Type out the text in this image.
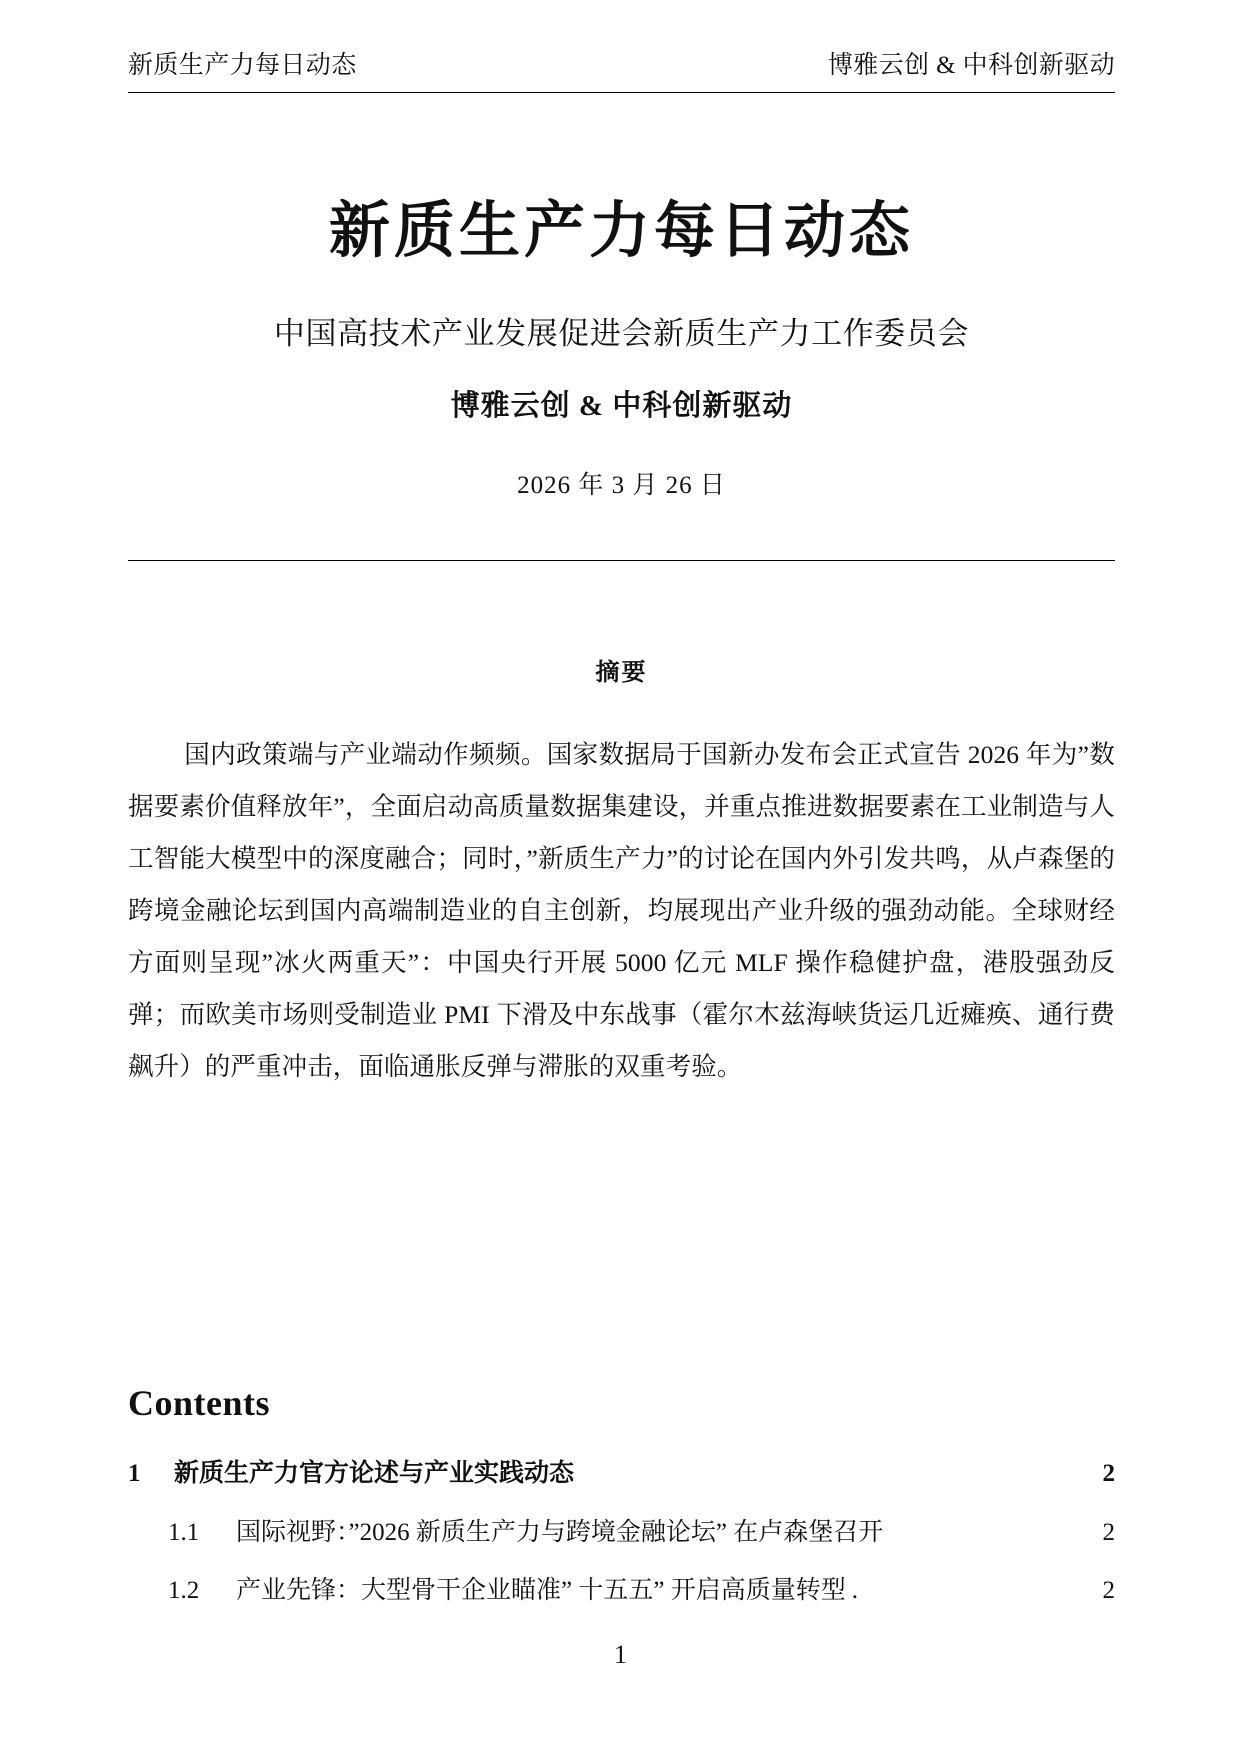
新质生产力每日动态	博雅云创 & 中科创新驱动
新质生产力每日动态

中国高技术产业发展促进会新质生产力工作委员会

博雅云创 & 中科创新驱动

2026 年 3 月 26 日

摘要
国内政策端与产业端动作频频。国家数据局于国新办发布会正式宣告 2026 年为”数据要素价值释放年”，全面启动高质量数据集建设，并重点推进数据要素在工业制造与人工智能大模型中的深度融合；同时，”新质生产力”的讨论在国内外引发共鸣，从卢森堡的跨境金融论坛到国内高端制造业的自主创新，均展现出产业升级的强劲动能。全球财经方面则呈现”冰火两重天”：中国央行开展 5000 亿元 MLF 操作稳健护盘，港股强劲反弹；而欧美市场则受制造业 PMI 下滑及中东战事（霍尔木兹海峡货运几近瘫痪、通行费飙升）的严重冲击，面临通胀反弹与滞胀的双重考验。
Contents
1	新质生产力官方论述与产业实践动态	2
1.1	国际视野：”2026 新质生产力与跨境金融论坛” 在卢森堡召开	2
1.2	产业先锋：大型骨干企业瞄准” 十五五” 开启高质量转型 .	2
1
